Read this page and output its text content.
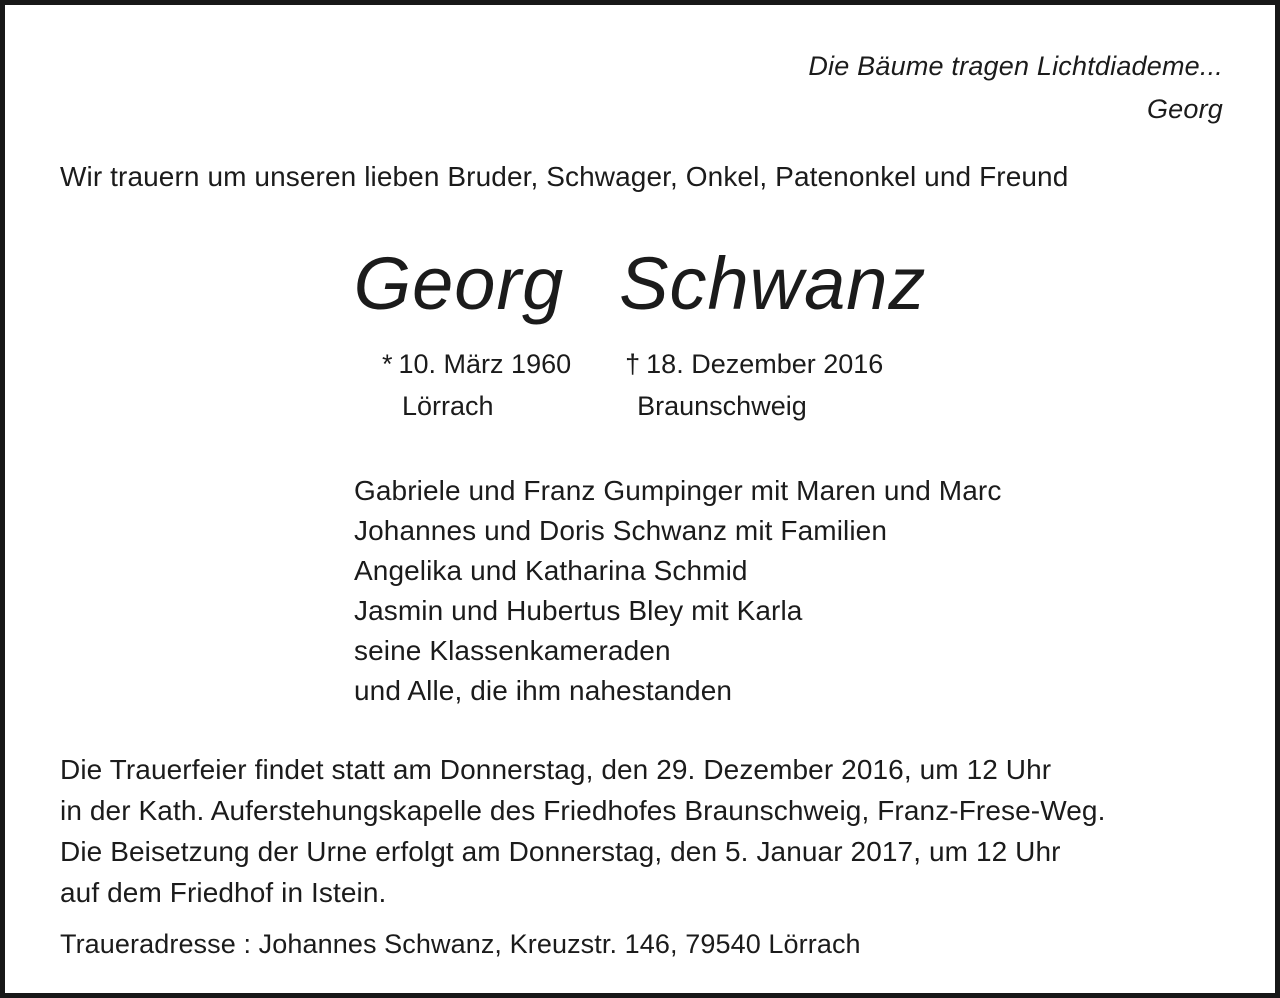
Die Bäume tragen Lichtdiademe...
Georg
Wir trauern um unseren lieben Bruder, Schwager, Onkel, Patenonkel und Freund
Georg Schwanz
* 10. März 1960
Lörrach
† 18. Dezember 2016
Braunschweig
Gabriele und Franz Gumpinger mit Maren und Marc
Johannes und Doris Schwanz mit Familien
Angelika und Katharina Schmid
Jasmin und Hubertus Bley mit Karla
seine Klassenkameraden
und Alle, die ihm nahestanden
Die Trauerfeier findet statt am Donnerstag, den 29. Dezember 2016, um 12 Uhr
in der Kath. Auferstehungskapelle des Friedhofes Braunschweig, Franz-Frese-Weg.
Die Beisetzung der Urne erfolgt am Donnerstag, den 5. Januar 2017, um 12 Uhr
auf dem Friedhof in Istein.
Traueradresse : Johannes Schwanz, Kreuzstr. 146, 79540 Lörrach
